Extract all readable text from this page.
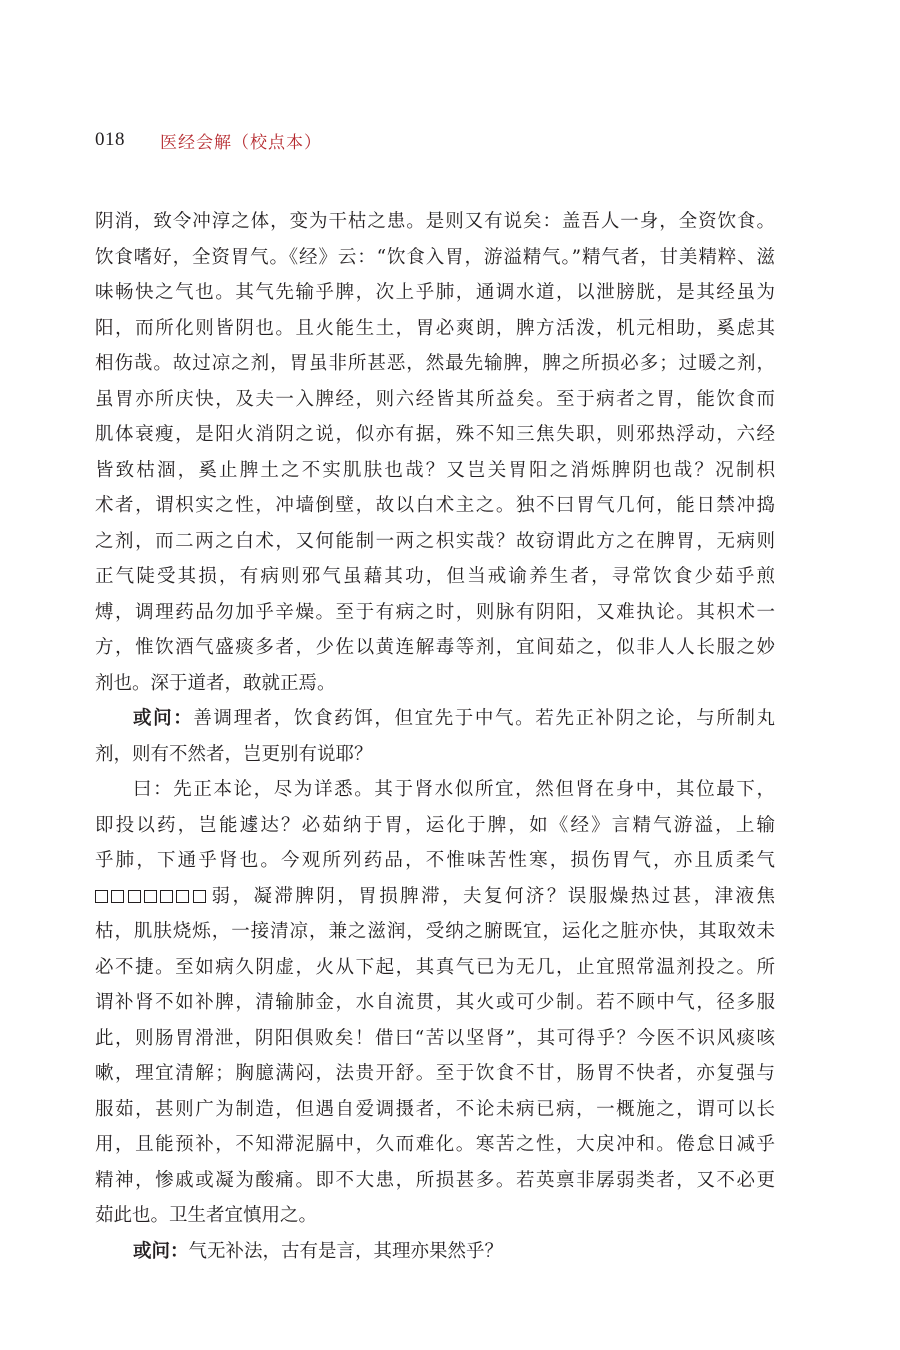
018 医经会解（校点本）
阴消，致令冲淳之体，变为干枯之患。是则又有说矣：盖吾人一身，全资饮食。
饮食嗜好，全资胃气。《经》云：“饮食入胃，游溢精气。”精气者，甘美精粹、滋
味畅快之气也。其气先输乎脾，次上乎肺，通调水道，以泄膀胱，是其经虽为
阳，而所化则皆阴也。且火能生土，胃必爽朗，脾方活泼，机元相助，奚虑其
相伤哉。故过凉之剂，胃虽非所甚恶，然最先输脾，脾之所损必多；过暖之剂，
虽胃亦所庆快，及夫一入脾经，则六经皆其所益矣。至于病者之胃，能饮食而
肌体衰瘦，是阳火消阴之说，似亦有据，殊不知三焦失职，则邪热浮动，六经
皆致枯涸，奚止脾土之不实肌肤也哉？又岂关胃阳之消烁脾阴也哉？况制枳
术者，谓枳实之性，冲墙倒壁，故以白术主之。独不曰胃气几何，能日禁冲捣
之剂，而二两之白术，又何能制一两之枳实哉？故窃谓此方之在脾胃，无病则
正气陡受其损，有病则邪气虽藉其功，但当戒谕养生者，寻常饮食少茹乎煎
煿，调理药品勿加乎辛燥。至于有病之时，则脉有阴阳，又难执论。其枳术一
方，惟饮酒气盛痰多者，少佐以黄连解毒等剂，宜间茹之，似非人人长服之妙
剂也。深于道者，敢就正焉。
或问：善调理者，饮食药饵，但宜先于中气。若先正补阴之论，与所制丸
剂，则有不然者，岂更别有说耶？
曰：先正本论，尽为详悉。其于肾水似所宜，然但肾在身中，其位最下，
即投以药，岂能遽达？必茹纳于胃，运化于脾，如《经》言精气游溢，上输
乎肺，下通乎肾也。今观所列药品，不惟味苦性寒，损伤胃气，亦且质柔气
弱，凝滞脾阴，胃损脾滞，夫复何济？误服燥热过甚，津液焦
枯，肌肤烧烁，一接清凉，兼之滋润，受纳之腑既宜，运化之脏亦快，其取效未
必不捷。至如病久阴虚，火从下起，其真气已为无几，止宜照常温剂投之。所
谓补肾不如补脾，清输肺金，水自流贯，其火或可少制。若不顾中气，径多服
此，则肠胃滑泄，阴阳俱败矣！借曰“苦以坚肾”，其可得乎？今医不识风痰咳
嗽，理宜清解；胸臆满闷，法贵开舒。至于饮食不甘，肠胃不快者，亦复强与
服茹，甚则广为制造，但遇自爱调摄者，不论未病已病，一概施之，谓可以长
用，且能预补，不知滞泥膈中，久而难化。寒苦之性，大戾冲和。倦怠日减乎
精神，惨戚或凝为酸痛。即不大患，所损甚多。若英禀非孱弱类者，又不必更
茹此也。卫生者宜慎用之。
或问：气无补法，古有是言，其理亦果然乎？
